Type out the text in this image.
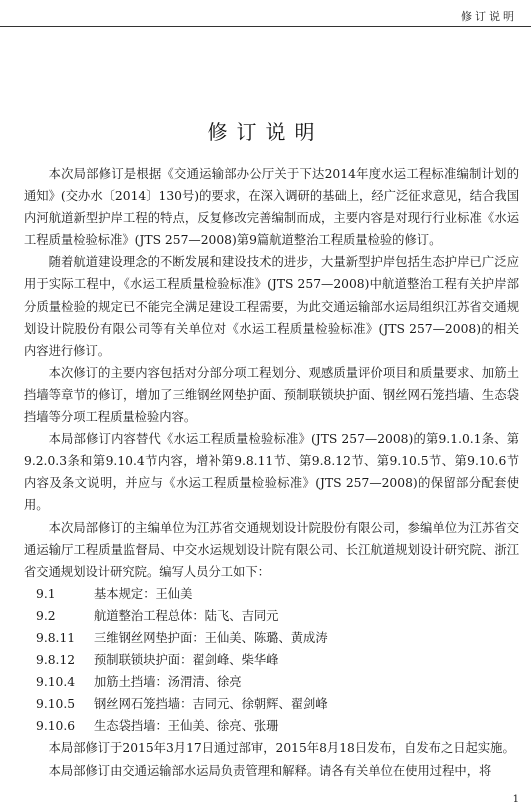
修订说明
修订说明

本次局部修订是根据《交通运输部办公厅关于下达2014年度水运工程标准编制计划的通知》(交办水〔2014〕130号)的要求，在深入调研的基础上，经广泛征求意见，结合我国内河航道新型护岸工程的特点，反复修改完善编制而成，主要内容是对现行行业标准《水运工程质量检验标准》(JTS 257—2008)第9篇航道整治工程质量检验的修订。

随着航道建设理念的不断发展和建设技术的进步，大量新型护岸包括生态护岸已广泛应用于实际工程中，《水运工程质量检验标准》(JTS 257—2008)中航道整治工程有关护岸部分质量检验的规定已不能完全满足建设工程需要，为此交通运输部水运局组织江苏省交通规划设计院股份有限公司等有关单位对《水运工程质量检验标准》(JTS 257—2008)的相关内容进行修订。

本次修订的主要内容包括对分部分项工程划分、观感质量评价项目和质量要求、加筋土挡墙等章节的修订，增加了三维钢丝网垫护面、预制联锁块护面、钢丝网石笼挡墙、生态袋挡墙等分项工程质量检验内容。

本局部修订内容替代《水运工程质量检验标准》(JTS 257—2008)的第9.1.0.1条、第9.2.0.3条和第9.10.4节内容，增补第9.8.11节、第9.8.12节、第9.10.5节、第9.10.6节内容及条文说明，并应与《水运工程质量检验标准》(JTS 257—2008)的保留部分配套使用。

本次局部修订的主编单位为江苏省交通规划设计院股份有限公司，参编单位为江苏省交通运输厅工程质量监督局、中交水运规划设计院有限公司、长江航道规划设计研究院、浙江省交通规划设计研究院。编写人员分工如下：

9.1	基本规定：王仙美
9.2	航道整治工程总体：陆飞、吉同元
9.8.11	三维钢丝网垫护面：王仙美、陈璐、黄成涛
9.8.12	预制联锁块护面：翟剑峰、柴华峰
9.10.4	加筋土挡墙：汤渭清、徐亮
9.10.5	钢丝网石笼挡墙：吉同元、徐朝辉、翟剑峰
9.10.6	生态袋挡墙：王仙美、徐亮、张珊

本局部修订于2015年3月17日通过部审，2015年8月18日发布，自发布之日起实施。

本局部修订由交通运输部水运局负责管理和解释。请各有关单位在使用过程中，将

1
